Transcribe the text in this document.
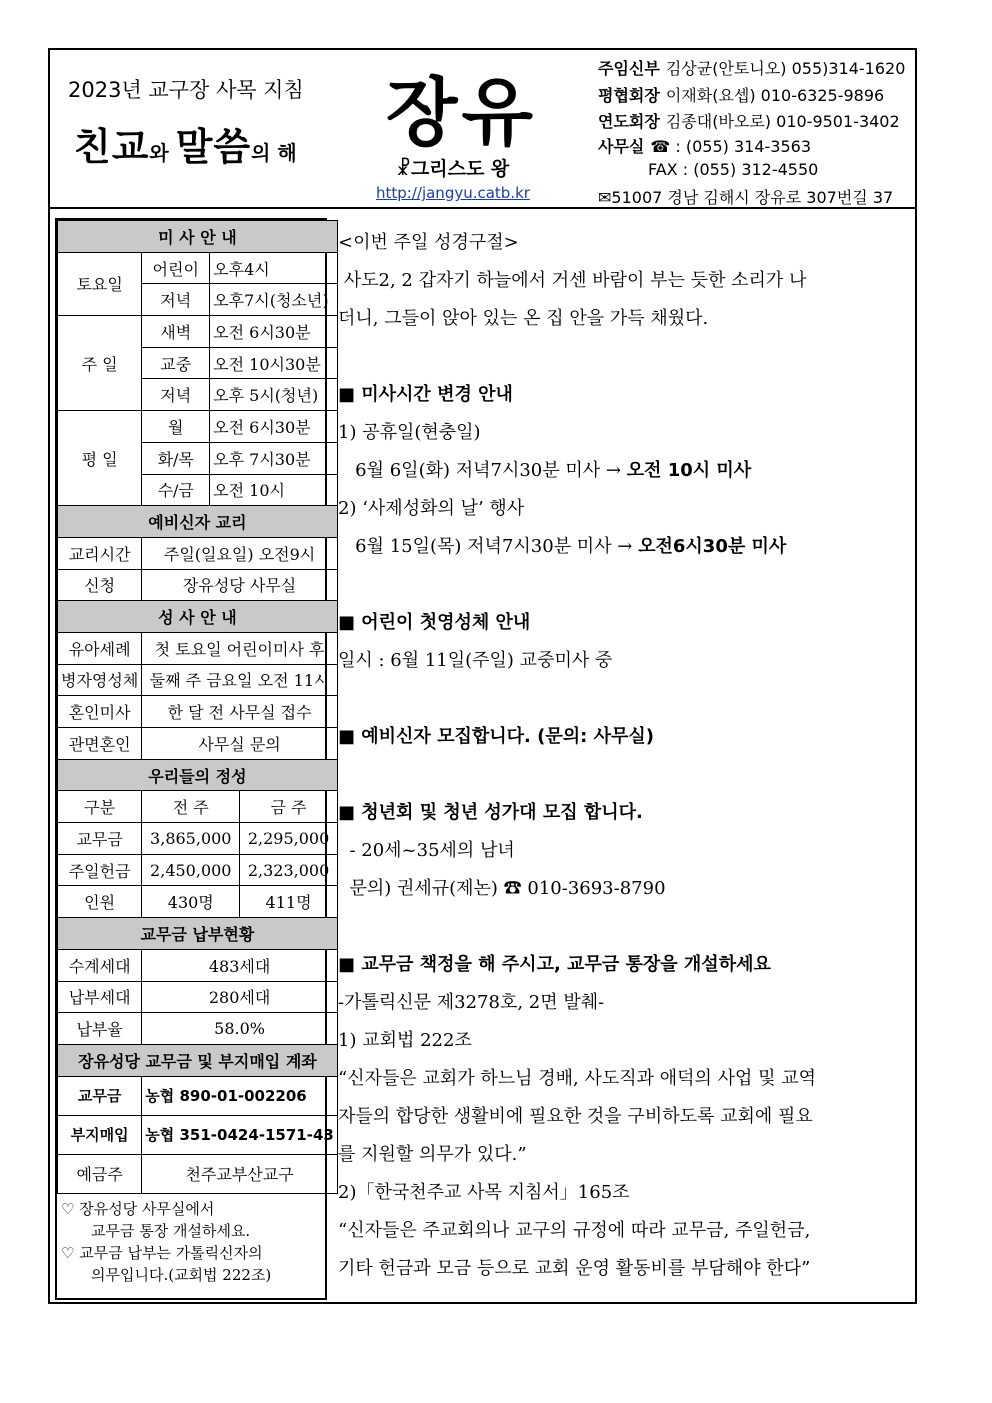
2023년 교구장 사목 지침
친교와 말씀의 해 장유
☧그리스도 왕
http://jangyu.catb.kr
주임신부 김상균(안토니오) 055)314-1620
평협회장 이재화(요셉) 010-6325-9896
연도회장 김종대(바오로) 010-9501-3402
사무실 ☎ : (055) 314-3563
FAX : (055) 312-4550
✉51007 경남 김해시 장유로 307번길 37
미 사 안 내			
토요일	어린이	오후4시	
	저녁	오후7시(청소년)	
주 일	새벽	오전 6시30분	
	교중	오전 10시30분	
	저녁	오후 5시(청년)	
평 일	월	오전 6시30분	
	화/목	오후 7시30분	
	수/금	오전 10시	
예비신자 교리			
교리시간	주일(일요일) 오전9시		
신청	장유성당 사무실		
성 사 안 내			
유아세례	첫 토요일 어린이미사 후		
병자영성체	둘째 주 금요일 오전 11시		
혼인미사	한 달 전 사무실 접수		
관면혼인	사무실 문의		
우리들의 정성			
구분	전 주		금 주
교무금	3,865,000		2,295,000
주일헌금	2,450,000		2,323,000
인원	430명		411명
교무금 납부현황			
수계세대	483세대		
납부세대	280세대		
납부율	58.0%		
장유성당 교무금 및 부지매입 계좌			
교무금	농협 890-01-002206		
부지매입	농협 351-0424-1571-43		
예금주	천주교부산교구		
♡ 장유성당 사무실에서
교무금 통장 개설하세요.
♡ 교무금 납부는 가톨릭신자의
의무입니다.(교회법 222조)
<이번 주일 성경구절>
사도2, 2 갑자기 하늘에서 거센 바람이 부는 듯한 소리가 나
더니, 그들이 앉아 있는 온 집 안을 가득 채웠다.
■ 미사시간 변경 안내
1) 공휴일(현충일)
6월 6일(화) 저녁7시30분 미사 → 오전 10시 미사
2) ‘사제성화의 날’ 행사
6월 15일(목) 저녁7시30분 미사 → 오전6시30분 미사
■ 어린이 첫영성체 안내
일시 : 6월 11일(주일) 교중미사 중
■ 예비신자 모집합니다. (문의: 사무실)
■ 청년회 및 청년 성가대 모집 합니다.
- 20세~35세의 남녀
문의) 권세규(제논) ☎ 010-3693-8790
■ 교무금 책정을 해 주시고, 교무금 통장을 개설하세요
-가톨릭신문 제3278호, 2면 발췌-
1) 교회법 222조
“신자들은 교회가 하느님 경배, 사도직과 애덕의 사업 및 교역
자들의 합당한 생활비에 필요한 것을 구비하도록 교회에 필요
를 지원할 의무가 있다.”
2)「한국천주교 사목 지침서」165조
“신자들은 주교회의나 교구의 규정에 따라 교무금, 주일헌금,
기타 헌금과 모금 등으로 교회 운영 활동비를 부담해야 한다”
